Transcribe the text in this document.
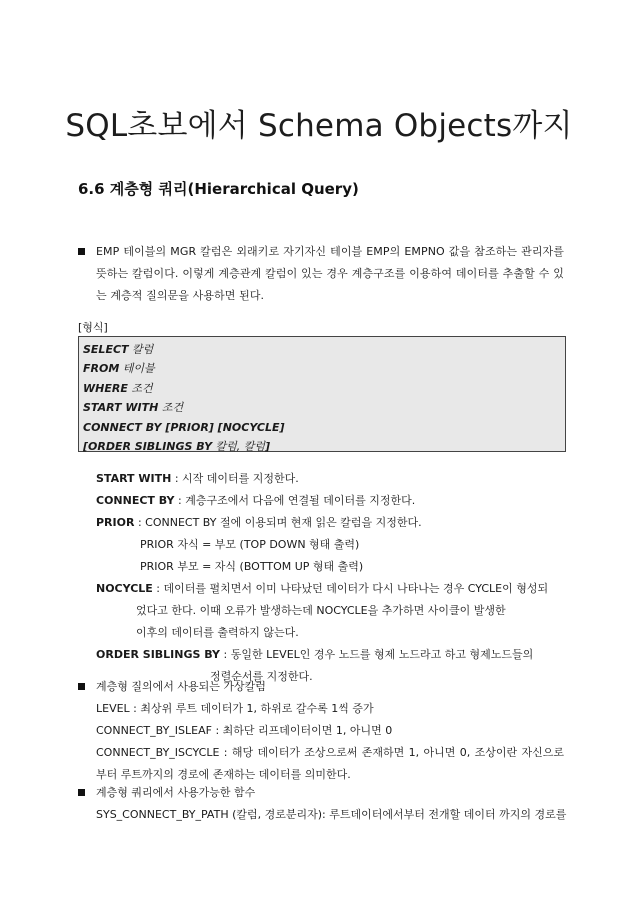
SQL초보에서 Schema Objects까지
6.6 계층형 쿼리(Hierarchical Query)
EMP 테이블의 MGR 칼럼은 외래키로 자기자신 테이블 EMP의 EMPNO 값을 참조하는 관리자를 뜻하는 칼럼이다. 이렇게 계층관계 칼럼이 있는 경우 계층구조를 이용하여 데이터를 추출할 수 있는 계층적 질의문을 사용하면 된다.
[형식]
SELECT 칼럼
FROM 테이블
WHERE 조건
START WITH 조건
CONNECT BY [PRIOR] [NOCYCLE]
[ORDER SIBLINGS BY 칼럼, 칼럼]
START WITH : 시작 데이터를 지정한다.
CONNECT BY : 계층구조에서 다음에 연결될 데이터를 지정한다.
PRIOR : CONNECT BY 절에 이용되며 현재 읽은 칼럼을 지정한다.
PRIOR 자식 = 부모 (TOP DOWN 형태 출력)
PRIOR 부모 = 자식 (BOTTOM UP 형태 출력)
NOCYCLE : 데이터를 펼치면서 이미 나타났던 데이터가 다시 나타나는 경우 CYCLE이 형성되
었다고 한다. 이때 오류가 발생하는데 NOCYCLE을 추가하면 사이클이 발생한
이후의 데이터를 출력하지 않는다.
ORDER SIBLINGS BY : 동일한 LEVEL인 경우 노드를 형제 노드라고 하고 형제노드들의
정렬순서를 지정한다.
계층형 질의에서 사용되는 가상칼럼
LEVEL : 최상위 루트 데이터가 1, 하위로 갈수록 1씩 증가
CONNECT_BY_ISLEAF : 최하단 리프데이터이면 1, 아니면 0
CONNECT_BY_ISCYCLE : 해당 데이터가 조상으로써 존재하면 1, 아니면 0, 조상이란 자신으로부터 루트까지의 경로에 존재하는 데이터를 의미한다.
계층형 쿼리에서 사용가능한 함수
SYS_CONNECT_BY_PATH (칼럼, 경로분리자): 루트데이터에서부터 전개할 데이터 까지의 경로를
